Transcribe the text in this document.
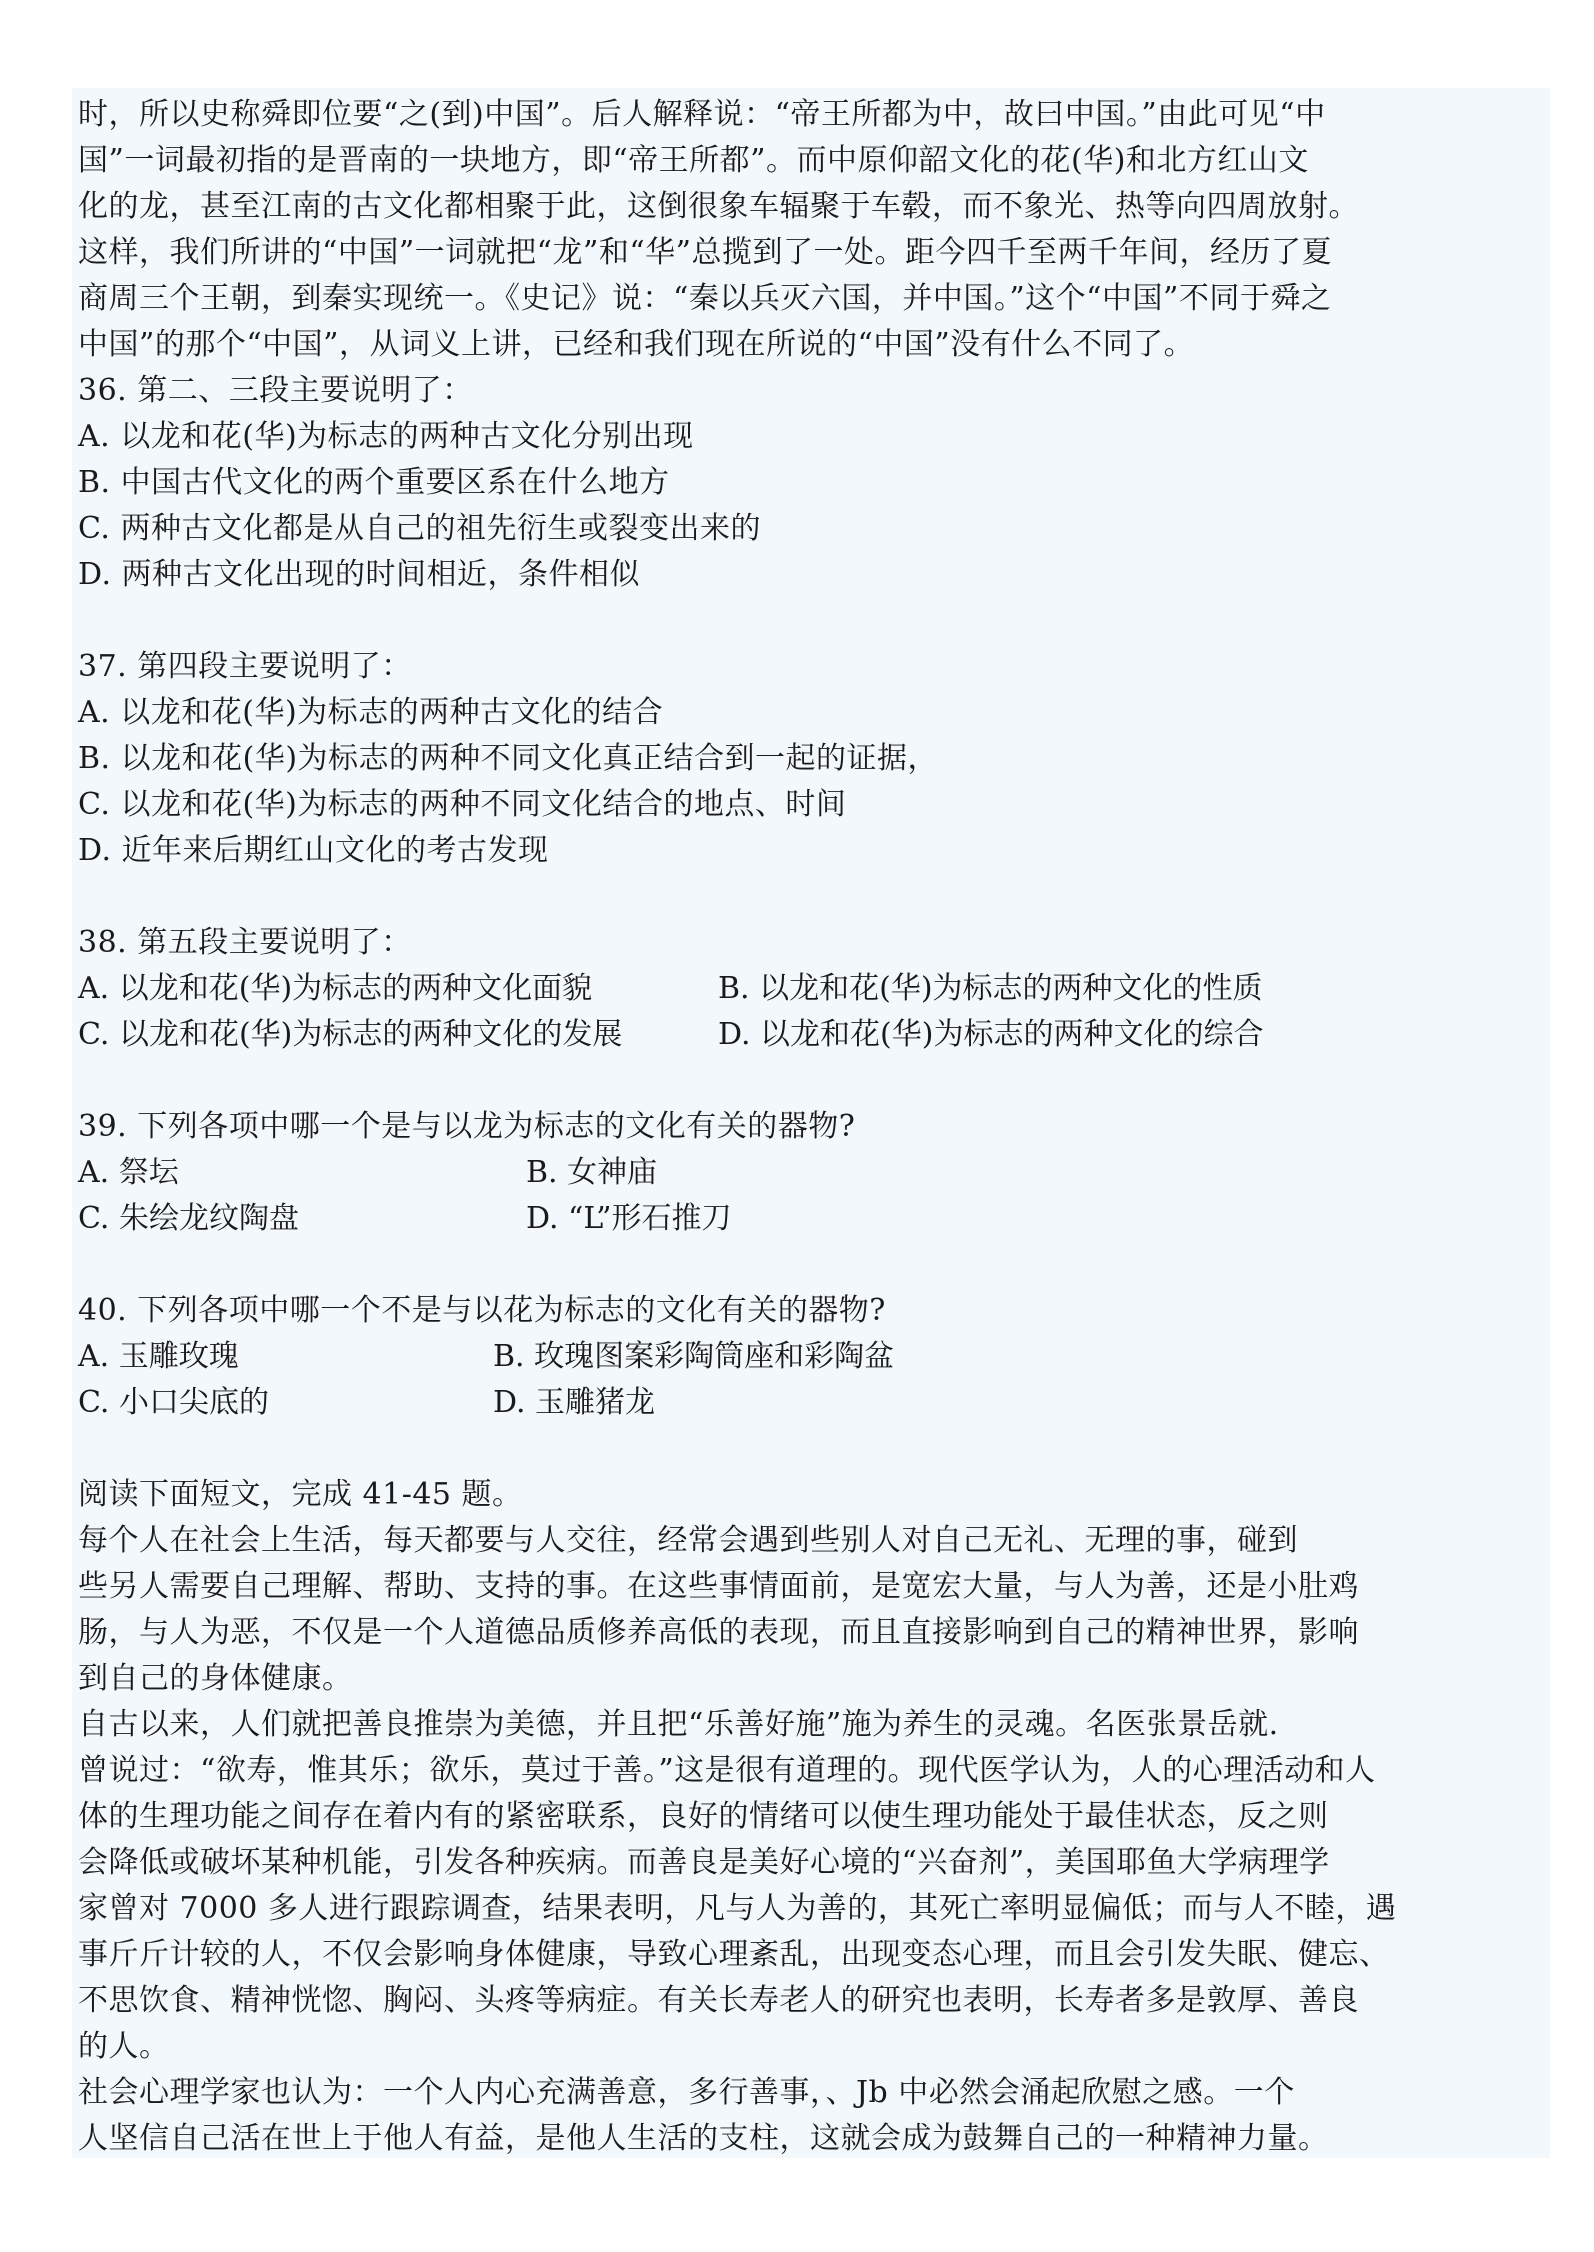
时，所以史称舜即位要“之(到)中国”。后人解释说：“帝王所都为中，故曰中国。”由此可见“中
国”一词最初指的是晋南的一块地方，即“帝王所都”。而中原仰韶文化的花(华)和北方红山文
化的龙，甚至江南的古文化都相聚于此，这倒很象车辐聚于车毂，而不象光、热等向四周放射。
这样，我们所讲的“中国”一词就把“龙”和“华”总揽到了一处。距今四千至两千年间，经历了夏
商周三个王朝，到秦实现统一。《史记》说：“秦以兵灭六国，并中国。”这个“中国”不同于舜之
中国”的那个“中国”，从词义上讲，已经和我们现在所说的“中国”没有什么不同了。
36. 第二、三段主要说明了：
A. 以龙和花(华)为标志的两种古文化分别出现
B. 中国古代文化的两个重要区系在什么地方
C. 两种古文化都是从自己的祖先衍生或裂变出来的
D. 两种古文化出现的时间相近，条件相似
37. 第四段主要说明了：
A. 以龙和花(华)为标志的两种古文化的结合
B. 以龙和花(华)为标志的两种不同文化真正结合到一起的证据，
C. 以龙和花(华)为标志的两种不同文化结合的地点、时间
D. 近年来后期红山文化的考古发现
38. 第五段主要说明了：
A. 以龙和花(华)为标志的两种文化面貌	B. 以龙和花(华)为标志的两种文化的性质
C. 以龙和花(华)为标志的两种文化的发展	D. 以龙和花(华)为标志的两种文化的综合
39. 下列各项中哪一个是与以龙为标志的文化有关的器物?
A. 祭坛	B. 女神庙
C. 朱绘龙纹陶盘	D. “L”形石推刀
40. 下列各项中哪一个不是与以花为标志的文化有关的器物?
A. 玉雕玫瑰	B. 玫瑰图案彩陶筒座和彩陶盆
C. 小口尖底的	D. 玉雕猪龙
阅读下面短文，完成 41-45 题。
每个人在社会上生活，每天都要与人交往，经常会遇到些别人对自己无礼、无理的事，碰到
些另人需要自己理解、帮助、支持的事。在这些事情面前，是宽宏大量，与人为善，还是小肚鸡
肠，与人为恶，不仅是一个人道德品质修养高低的表现，而且直接影响到自己的精神世界，影响
到自己的身体健康。
自古以来，人们就把善良推崇为美德，并且把“乐善好施”施为养生的灵魂。名医张景岳就.
曾说过：“欲寿，惟其乐；欲乐，莫过于善。”这是很有道理的。现代医学认为，人的心理活动和人
体的生理功能之间存在着内有的紧密联系，良好的情绪可以使生理功能处于最佳状态，反之则
会降低或破坏某种机能，引发各种疾病。而善良是美好心境的“兴奋剂”，美国耶鱼大学病理学
家曾对 7000 多人进行跟踪调查，结果表明，凡与人为善的，其死亡率明显偏低；而与人不睦，遇
事斤斤计较的人，不仅会影响身体健康，导致心理紊乱，出现变态心理，而且会引发失眠、健忘、
不思饮食、精神恍惚、胸闷、头疼等病症。有关长寿老人的研究也表明，长寿者多是敦厚、善良
的人。
社会心理学家也认为：一个人内心充满善意，多行善事，、Jb 中必然会涌起欣慰之感。一个
人坚信自己活在世上于他人有益，是他人生活的支柱，这就会成为鼓舞自己的一种精神力量。
